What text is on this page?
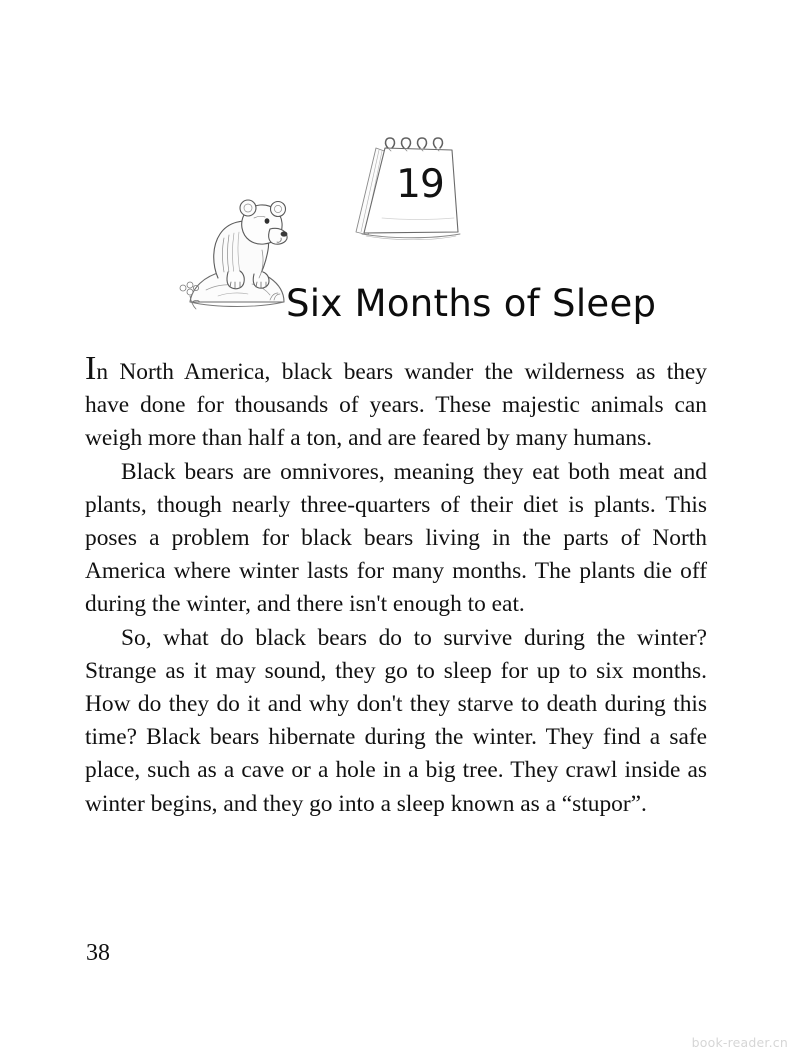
19
Six Months of Sleep

In North America, black bears wander the wilderness as they have done for thousands of years. These majestic animals can weigh more than half a ton, and are feared by many humans.

Black bears are omnivores, meaning they eat both meat and plants, though nearly three-quarters of their diet is plants. This poses a problem for black bears living in the parts of North America where winter lasts for many months. The plants die off during the winter, and there isn't enough to eat.

So, what do black bears do to survive during the winter? Strange as it may sound, they go to sleep for up to six months. How do they do it and why don't they starve to death during this time? Black bears hibernate during the winter. They find a safe place, such as a cave or a hole in a big tree. They crawl inside as winter begins, and they go into a sleep known as a “stupor”.

38
book-reader.cn
